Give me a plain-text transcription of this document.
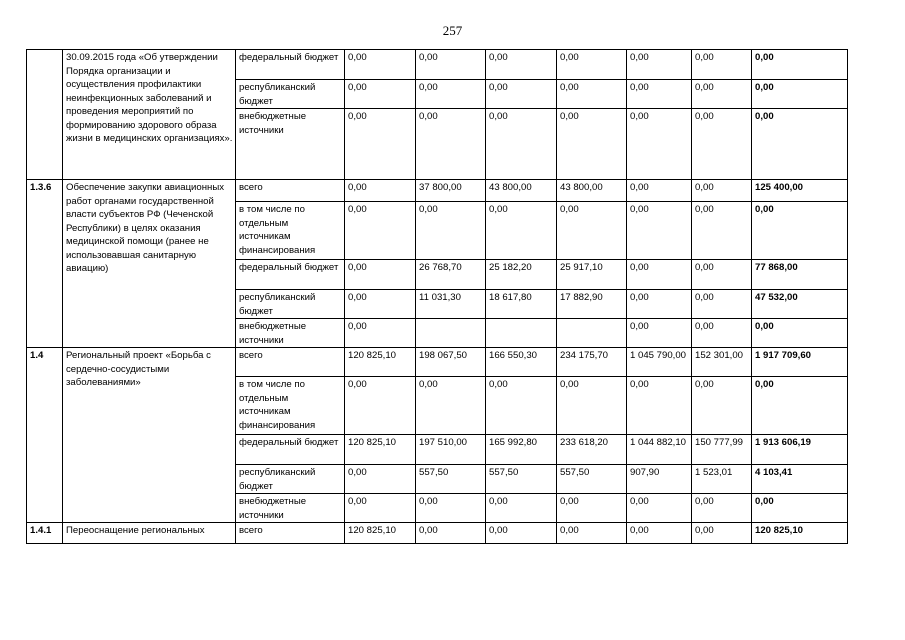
257
	30.09.2015 года «Об утверждении Порядка организации и осуществления профилактики неинфекционных заболеваний и проведения мероприятий по формированию здорового образа жизни в медицинских организациях».	федеральный бюджет	0,00	0,00	0,00	0,00	0,00	0,00	0,00
		республиканский бюджет	0,00	0,00	0,00	0,00	0,00	0,00	0,00
		внебюджетные источники	0,00	0,00	0,00	0,00	0,00	0,00	0,00
1.3.6	Обеспечение закупки авиационных работ органами государственной власти субъектов РФ (Чеченской Республики) в целях оказания медицинской помощи (ранее не использовавшая санитарную авиацию)	всего	0,00	37 800,00	43 800,00	43 800,00	0,00	0,00	125 400,00
		в том числе по отдельным источникам финансирования	0,00	0,00	0,00	0,00	0,00	0,00	0,00
		федеральный бюджет	0,00	26 768,70	25 182,20	25 917,10	0,00	0,00	77 868,00
		республиканский бюджет	0,00	11 031,30	18 617,80	17 882,90	0,00	0,00	47 532,00
		внебюджетные источники	0,00				0,00	0,00	0,00
1.4	Региональный проект «Борьба с сердечно-сосудистыми заболеваниями»	всего	120 825,10	198 067,50	166 550,30	234 175,70	1 045 790,00	152 301,00	1 917 709,60
		в том числе по отдельным источникам финансирования	0,00	0,00	0,00	0,00	0,00	0,00	0,00
		федеральный бюджет	120 825,10	197 510,00	165 992,80	233 618,20	1 044 882,10	150 777,99	1 913 606,19
		республиканский бюджет	0,00	557,50	557,50	557,50	907,90	1 523,01	4 103,41
		внебюджетные источники	0,00	0,00	0,00	0,00	0,00	0,00	0,00
1.4.1	Переоснащение региональных	всего	120 825,10	0,00	0,00	0,00	0,00	0,00	120 825,10
